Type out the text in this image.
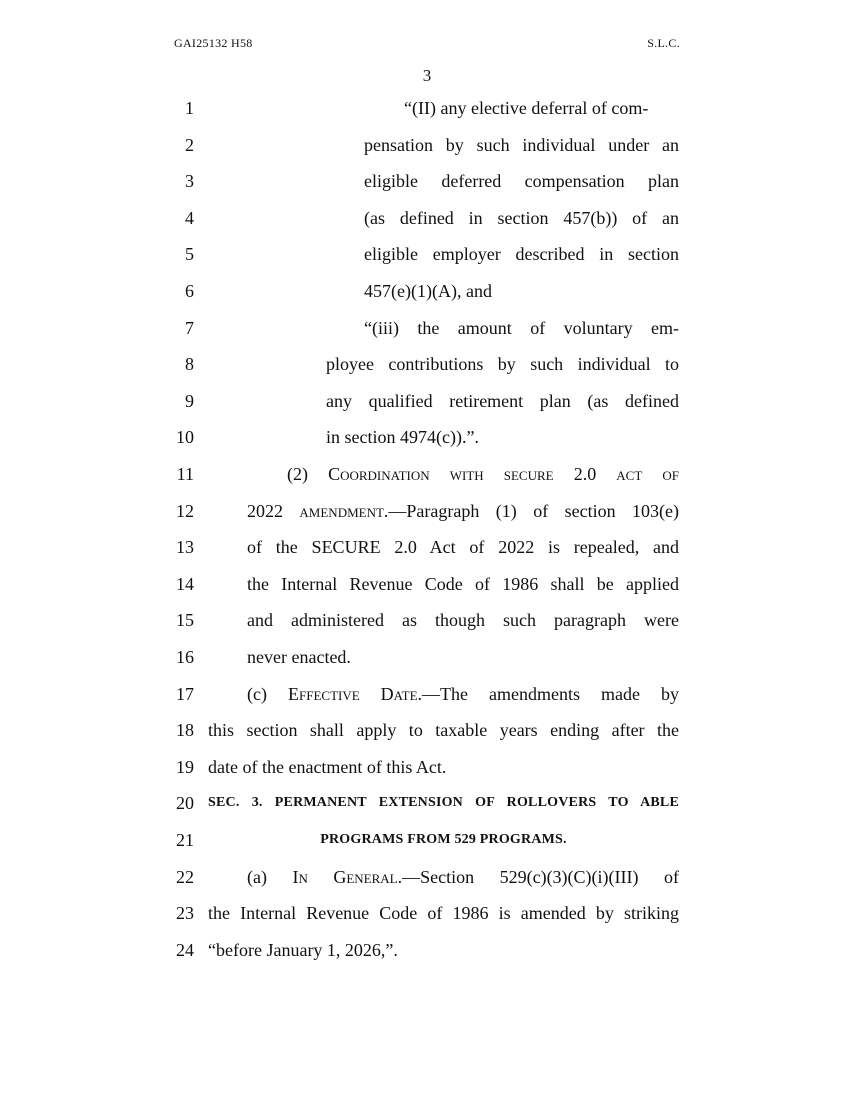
GAI25132 H58	S.L.C.
3
1	“(II) any elective deferral of com-
2	pensation by such individual under an
3	eligible deferred compensation plan
4	(as defined in section 457(b)) of an
5	eligible employer described in section
6	457(e)(1)(A), and
7	“(iii) the amount of voluntary em-
8	ployee contributions by such individual to
9	any qualified retirement plan (as defined
10	in section 4974(c)).”.
11	(2) Coordination with secure 2.0 act of
12	2022 amendment.—Paragraph (1) of section 103(e)
13	of the SECURE 2.0 Act of 2022 is repealed, and
14	the Internal Revenue Code of 1986 shall be applied
15	and administered as though such paragraph were
16	never enacted.
17	(c) Effective Date.—The amendments made by
18 this section shall apply to taxable years ending after the
19 date of the enactment of this Act.
20 SEC. 3. PERMANENT EXTENSION OF ROLLOVERS TO ABLE
21	PROGRAMS FROM 529 PROGRAMS.
22	(a) In General.—Section 529(c)(3)(C)(i)(III) of
23 the Internal Revenue Code of 1986 is amended by striking
24 “before January 1, 2026,”.
